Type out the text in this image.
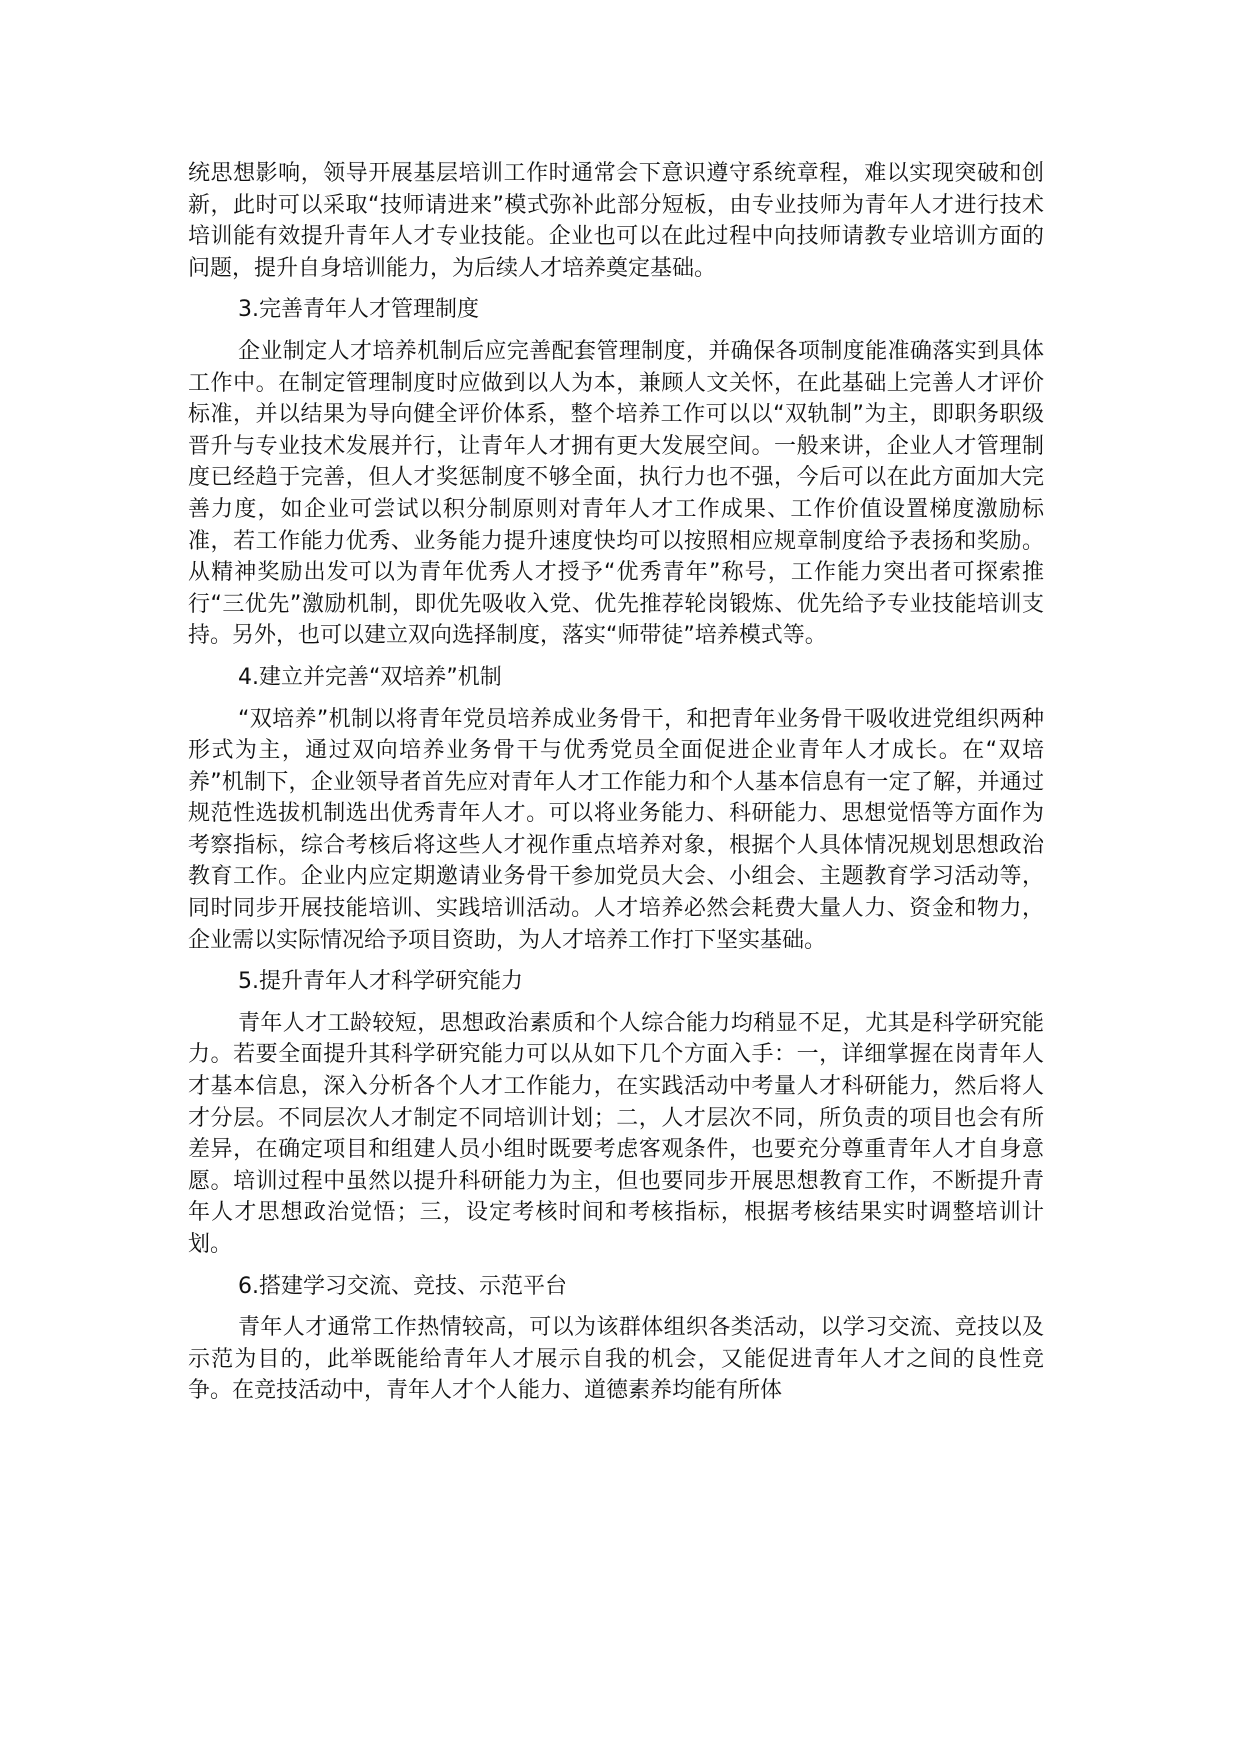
统思想影响，领导开展基层培训工作时通常会下意识遵守系统章程，难以实现突破和创新，此时可以采取“技师请进来”模式弥补此部分短板，由专业技师为青年人才进行技术培训能有效提升青年人才专业技能。企业也可以在此过程中向技师请教专业培训方面的问题，提升自身培训能力，为后续人才培养奠定基础。

3.完善青年人才管理制度

企业制定人才培养机制后应完善配套管理制度，并确保各项制度能准确落实到具体工作中。在制定管理制度时应做到以人为本，兼顾人文关怀，在此基础上完善人才评价标准，并以结果为导向健全评价体系，整个培养工作可以以“双轨制”为主，即职务职级晋升与专业技术发展并行，让青年人才拥有更大发展空间。一般来讲，企业人才管理制度已经趋于完善，但人才奖惩制度不够全面，执行力也不强，今后可以在此方面加大完善力度，如企业可尝试以积分制原则对青年人才工作成果、工作价值设置梯度激励标准，若工作能力优秀、业务能力提升速度快均可以按照相应规章制度给予表扬和奖励。从精神奖励出发可以为青年优秀人才授予“优秀青年”称号，工作能力突出者可探索推行“三优先”激励机制，即优先吸收入党、优先推荐轮岗锻炼、优先给予专业技能培训支持。另外，也可以建立双向选择制度，落实“师带徒”培养模式等。

4.建立并完善“双培养”机制

“双培养”机制以将青年党员培养成业务骨干，和把青年业务骨干吸收进党组织两种形式为主，通过双向培养业务骨干与优秀党员全面促进企业青年人才成长。在“双培养”机制下，企业领导者首先应对青年人才工作能力和个人基本信息有一定了解，并通过规范性选拔机制选出优秀青年人才。可以将业务能力、科研能力、思想觉悟等方面作为考察指标，综合考核后将这些人才视作重点培养对象，根据个人具体情况规划思想政治教育工作。企业内应定期邀请业务骨干参加党员大会、小组会、主题教育学习活动等，同时同步开展技能培训、实践培训活动。人才培养必然会耗费大量人力、资金和物力，企业需以实际情况给予项目资助，为人才培养工作打下坚实基础。

5.提升青年人才科学研究能力

青年人才工龄较短，思想政治素质和个人综合能力均稍显不足，尤其是科学研究能力。若要全面提升其科学研究能力可以从如下几个方面入手：一，详细掌握在岗青年人才基本信息，深入分析各个人才工作能力，在实践活动中考量人才科研能力，然后将人才分层。不同层次人才制定不同培训计划；二，人才层次不同，所负责的项目也会有所差异，在确定项目和组建人员小组时既要考虑客观条件，也要充分尊重青年人才自身意愿。培训过程中虽然以提升科研能力为主，但也要同步开展思想教育工作，不断提升青年人才思想政治觉悟；三，设定考核时间和考核指标，根据考核结果实时调整培训计划。

6.搭建学习交流、竞技、示范平台

青年人才通常工作热情较高，可以为该群体组织各类活动，以学习交流、竞技以及示范为目的，此举既能给青年人才展示自我的机会，又能促进青年人才之间的良性竞争。在竞技活动中，青年人才个人能力、道德素养均能有所体
